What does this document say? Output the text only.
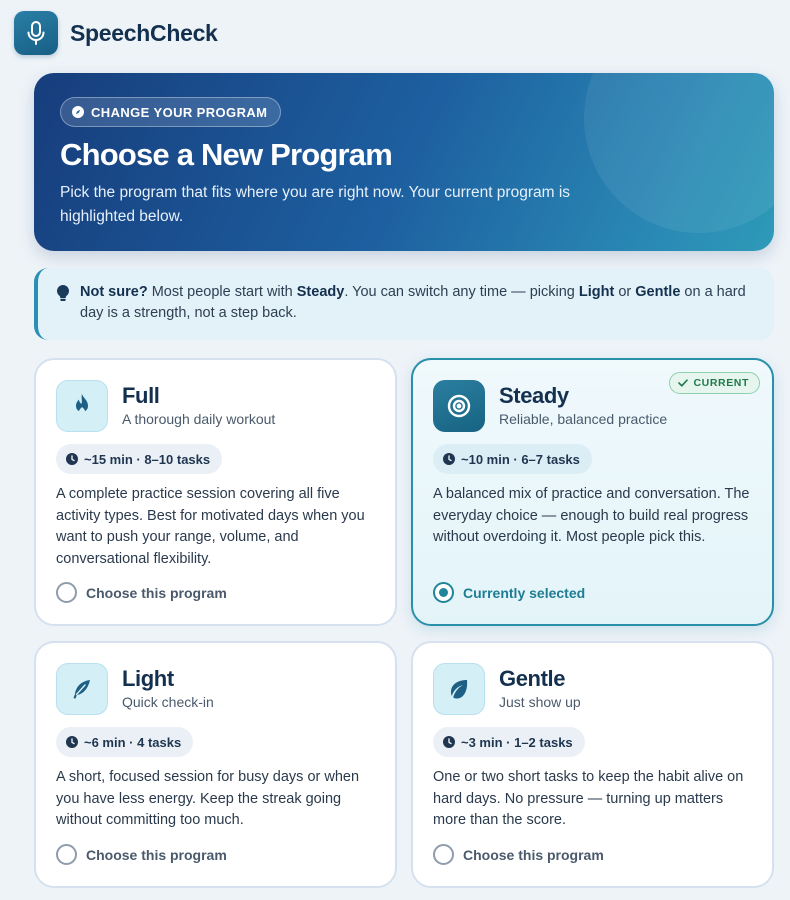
SpeechCheck
CHANGE YOUR PROGRAM
Choose a New Program
Pick the program that fits where you are right now. Your current program is highlighted below.
Not sure? Most people start with Steady. You can switch any time — picking Light or Gentle on a hard day is a strength, not a step back.
Full
A thorough daily workout
~15 min · 8–10 tasks
A complete practice session covering all five activity types. Best for motivated days when you want to push your range, volume, and conversational flexibility.
Choose this program
CURRENT
Steady
Reliable, balanced practice
~10 min · 6–7 tasks
A balanced mix of practice and conversation. The everyday choice — enough to build real progress without overdoing it. Most people pick this.
Currently selected
Light
Quick check-in
~6 min · 4 tasks
A short, focused session for busy days or when you have less energy. Keep the streak going without committing too much.
Choose this program
Gentle
Just show up
~3 min · 1–2 tasks
One or two short tasks to keep the habit alive on hard days. No pressure — turning up matters more than the score.
Choose this program
